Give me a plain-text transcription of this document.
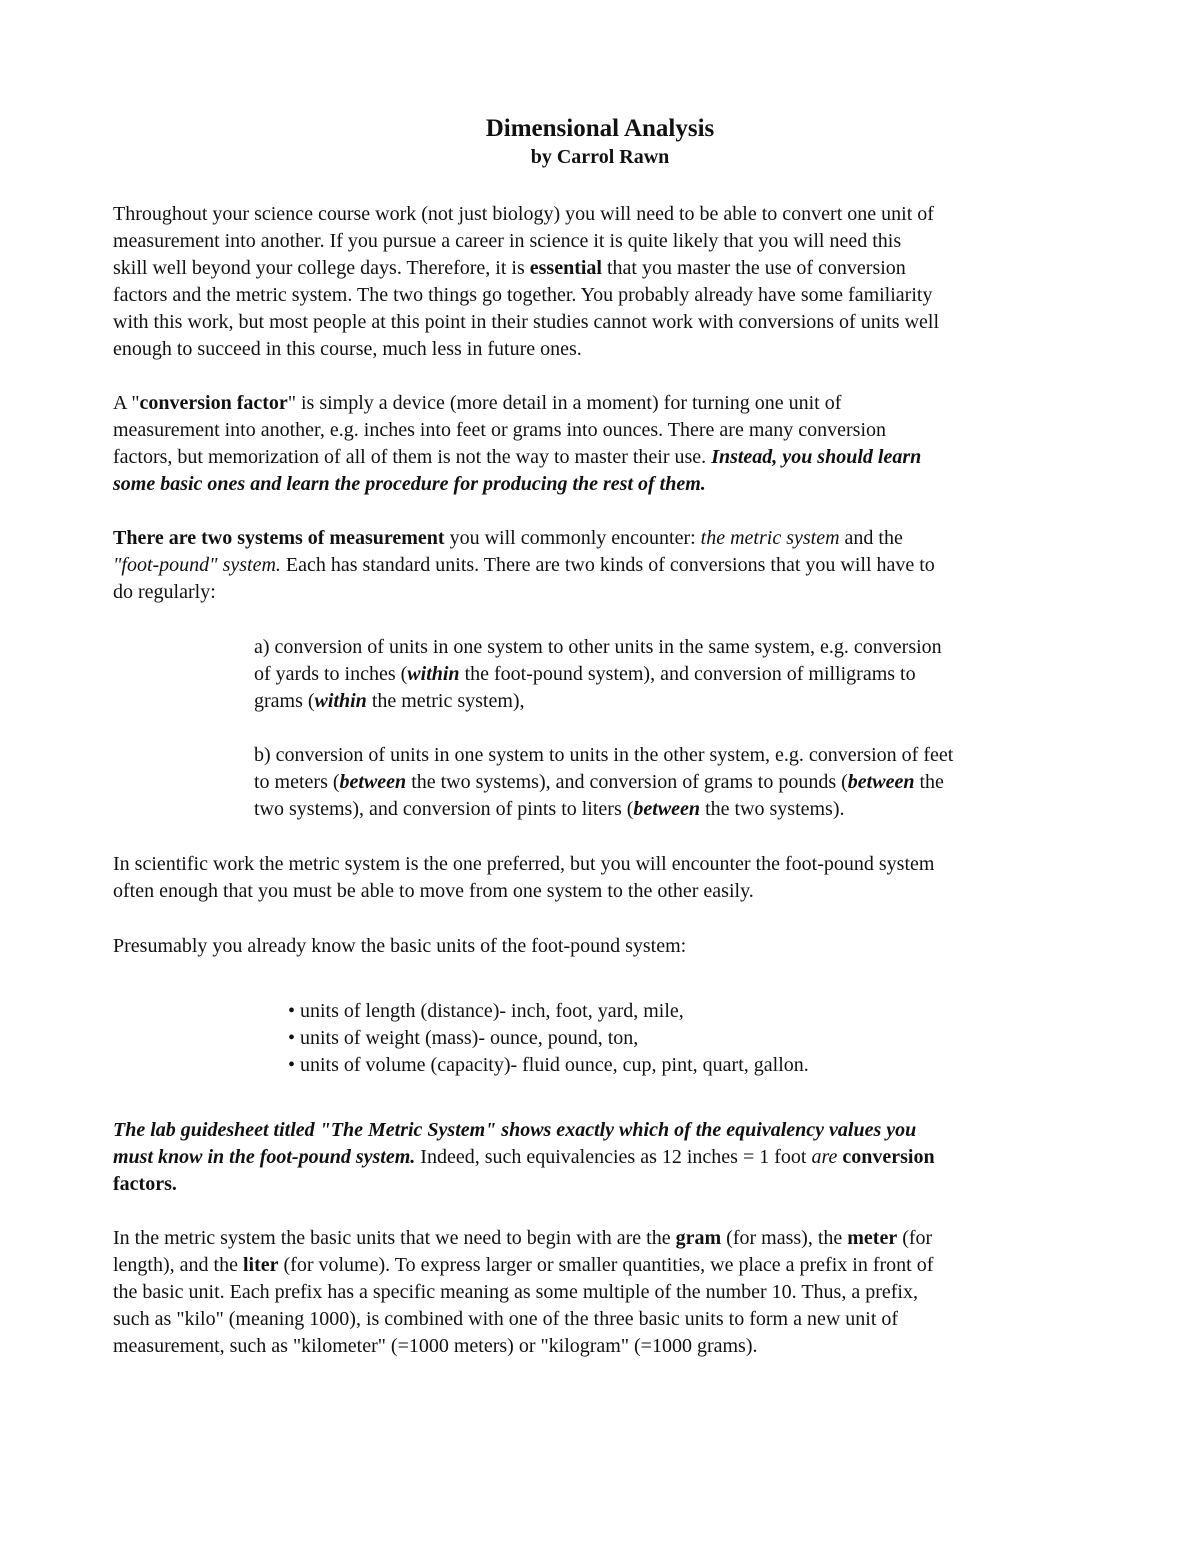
Dimensional Analysis
by Carrol Rawn
Throughout your science course work (not just biology) you will need to be able to convert one unit of
measurement into another. If you pursue a career in science it is quite likely that you will need this
skill well beyond your college days. Therefore, it is essential that you master the use of conversion
factors and the metric system. The two things go together. You probably already have some familiarity
with this work, but most people at this point in their studies cannot work with conversions of units well
enough to succeed in this course, much less in future ones.
A "conversion factor" is simply a device (more detail in a moment) for turning one unit of
measurement into another, e.g. inches into feet or grams into ounces. There are many conversion
factors, but memorization of all of them is not the way to master their use. Instead, you should learn
some basic ones and learn the procedure for producing the rest of them.
There are two systems of measurement you will commonly encounter: the metric system and the
"foot-pound" system. Each has standard units. There are two kinds of conversions that you will have to
do regularly:
a) conversion of units in one system to other units in the same system, e.g. conversion
of yards to inches (within the foot-pound system), and conversion of milligrams to
grams (within the metric system),
b) conversion of units in one system to units in the other system, e.g. conversion of feet
to meters (between the two systems), and conversion of grams to pounds (between the
two systems), and conversion of pints to liters (between the two systems).
In scientific work the metric system is the one preferred, but you will encounter the foot-pound system
often enough that you must be able to move from one system to the other easily.
Presumably you already know the basic units of the foot-pound system:
• units of length (distance)- inch, foot, yard, mile,
• units of weight (mass)- ounce, pound, ton,
• units of volume (capacity)- fluid ounce, cup, pint, quart, gallon.
The lab guidesheet titled "The Metric System" shows exactly which of the equivalency values you
must know in the foot-pound system. Indeed, such equivalencies as 12 inches = 1 foot are conversion
factors.
In the metric system the basic units that we need to begin with are the gram (for mass), the meter (for
length), and the liter (for volume). To express larger or smaller quantities, we place a prefix in front of
the basic unit. Each prefix has a specific meaning as some multiple of the number 10. Thus, a prefix,
such as "kilo" (meaning 1000), is combined with one of the three basic units to form a new unit of
measurement, such as "kilometer" (=1000 meters) or "kilogram" (=1000 grams).
